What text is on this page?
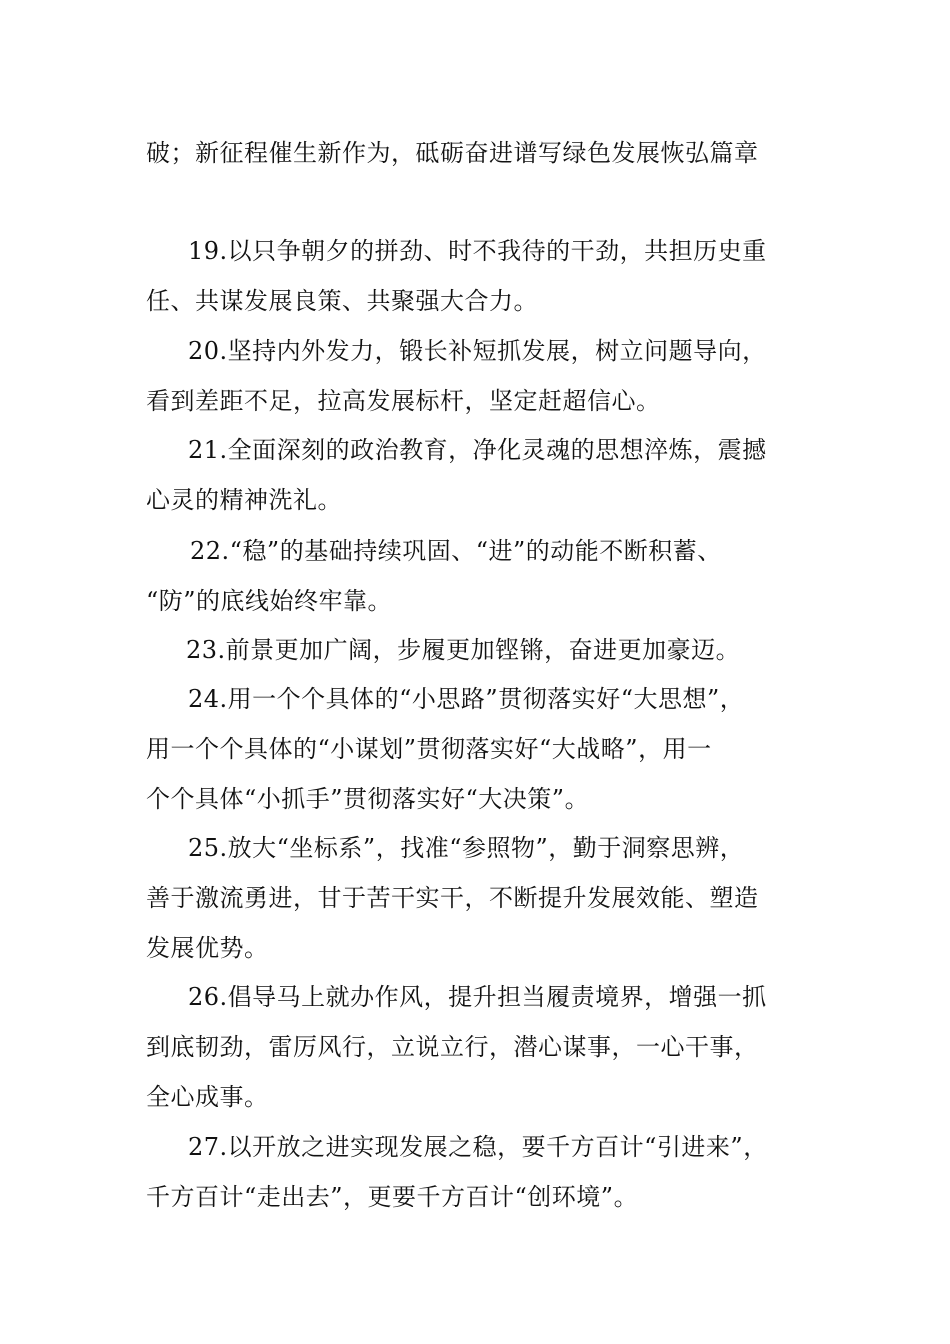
破；新征程催生新作为，砥砺奋进谱写绿色发展恢弘篇章
19.以只争朝夕的拼劲、时不我待的干劲，共担历史重
任、共谋发展良策、共聚强大合力。
20.坚持内外发力，锻长补短抓发展，树立问题导向，
看到差距不足，拉高发展标杆，坚定赶超信心。
21.全面深刻的政治教育，净化灵魂的思想淬炼，震撼
心灵的精神洗礼。
22.“稳”的基础持续巩固、“进”的动能不断积蓄、
“防”的底线始终牢靠。
23.前景更加广阔，步履更加铿锵，奋进更加豪迈。
24.用一个个具体的“小思路”贯彻落实好“大思想”，
用一个个具体的“小谋划”贯彻落实好“大战略”，用一
个个具体“小抓手”贯彻落实好“大决策”。
25.放大“坐标系”，找准“参照物”，勤于洞察思辨，
善于激流勇进，甘于苦干实干，不断提升发展效能、塑造
发展优势。
26.倡导马上就办作风，提升担当履责境界，增强一抓
到底韧劲，雷厉风行，立说立行，潜心谋事，一心干事，
全心成事。
27.以开放之进实现发展之稳，要千方百计“引进来”，
千方百计“走出去”，更要千方百计“创环境”。
